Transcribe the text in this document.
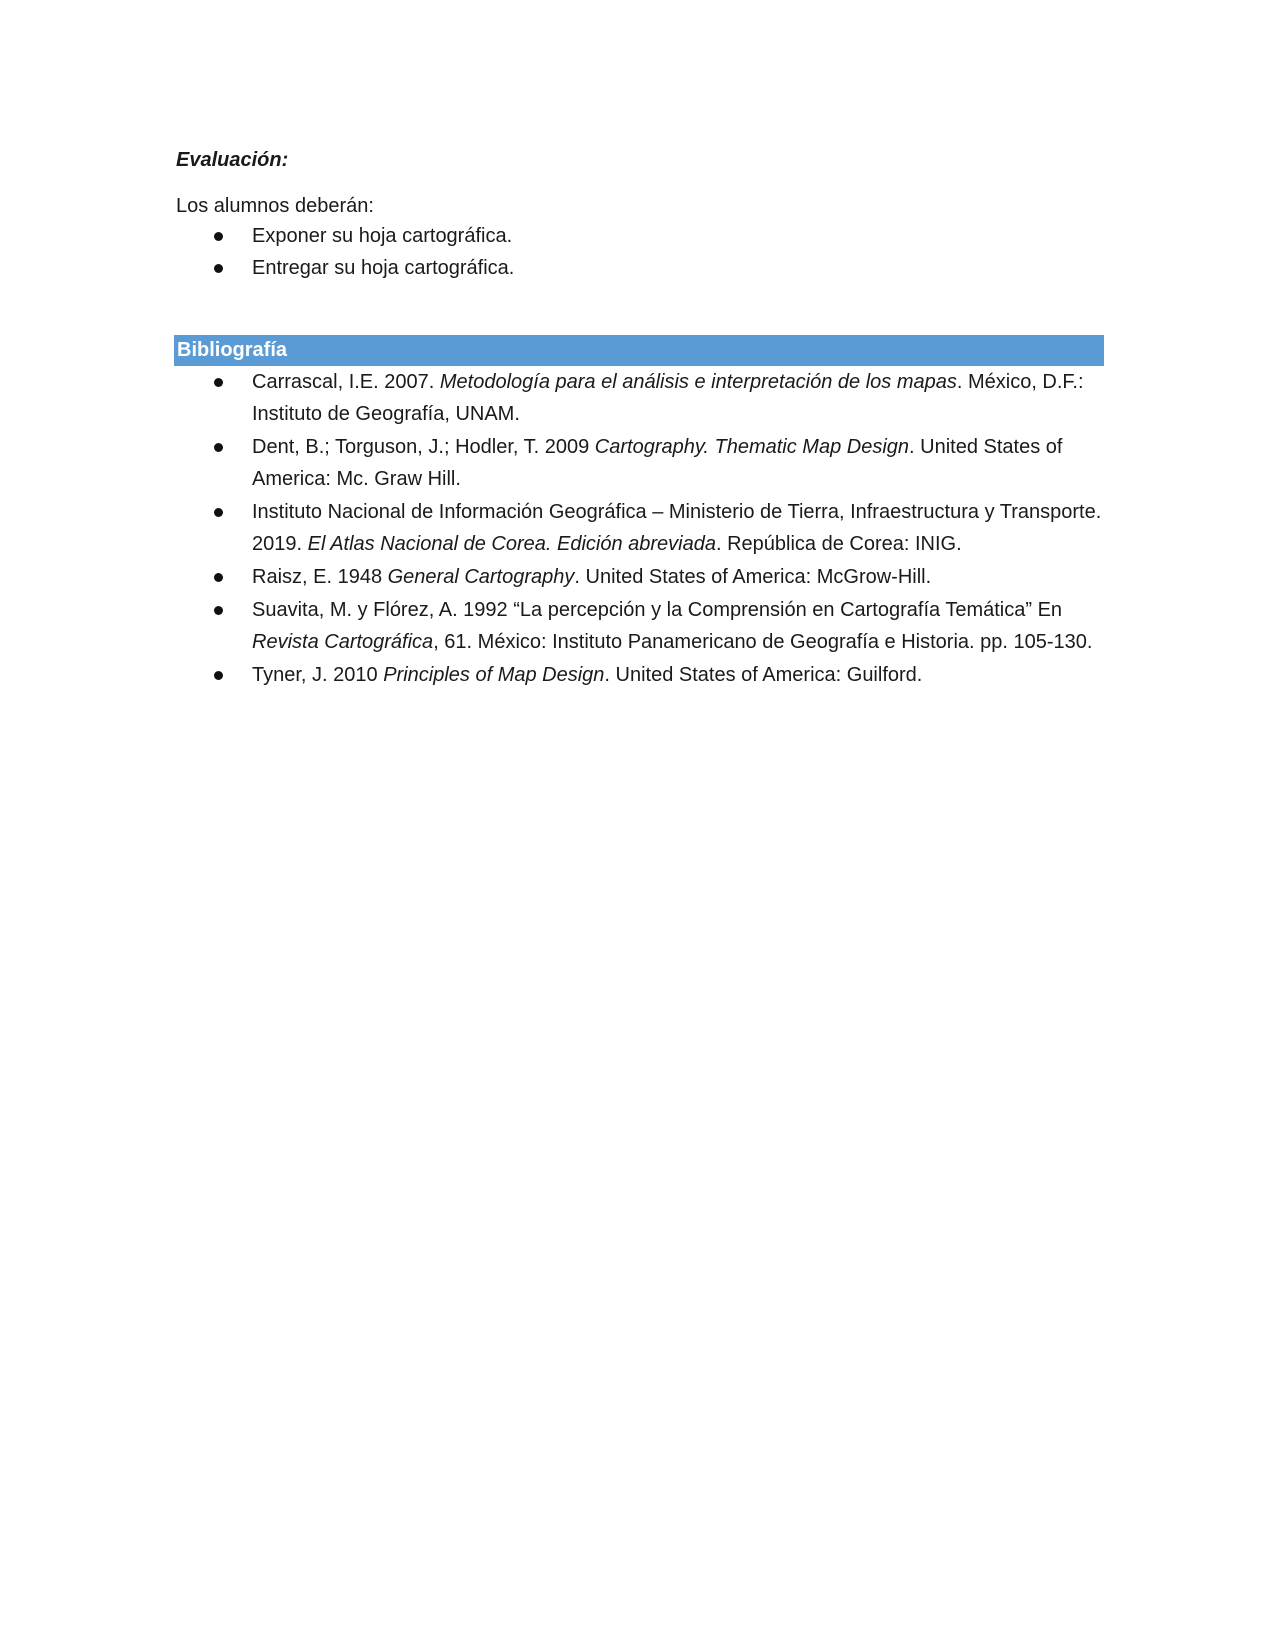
Evaluación:
Los alumnos deberán:
Exponer su hoja cartográfica.
Entregar su hoja cartográfica.
Bibliografía
Carrascal, I.E. 2007. Metodología para el análisis e interpretación de los mapas. México, D.F.: Instituto de Geografía, UNAM.
Dent, B.; Torguson, J.; Hodler, T. 2009 Cartography. Thematic Map Design. United States of America: Mc. Graw Hill.
Instituto Nacional de Información Geográfica – Ministerio de Tierra, Infraestructura y Transporte. 2019. El Atlas Nacional de Corea. Edición abreviada. República de Corea: INIG.
Raisz, E. 1948 General Cartography. United States of America: McGrow-Hill.
Suavita, M. y Flórez, A. 1992 “La percepción y la Comprensión en Cartografía Temática” En Revista Cartográfica, 61. México: Instituto Panamericano de Geografía e Historia. pp. 105-130.
Tyner, J. 2010 Principles of Map Design. United States of America: Guilford.
